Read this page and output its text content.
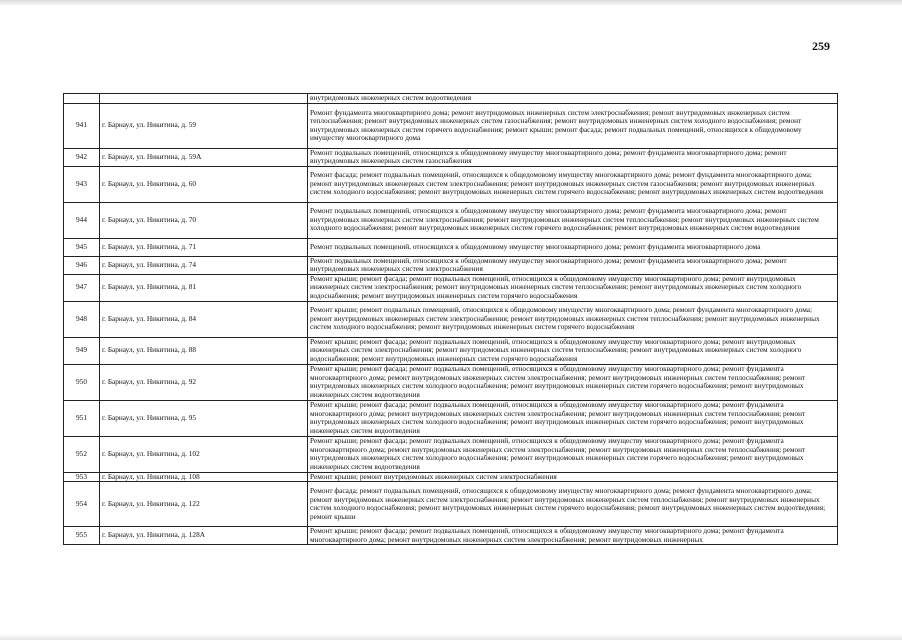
259
		внутридомовых инженерных систем водоотведения
941	г. Барнаул, ул. Никитина, д. 59	Ремонт фундамента многоквартирного дома; ремонт внутридомовых инженерных систем электроснабжения; ремонт внутридомовых инженерных систем теплоснабжения; ремонт внутридомовых инженерных систем газоснабжения; ремонт внутридомовых инженерных систем холодного водоснабжения; ремонт внутридомовых инженерных систем горячего водоснабжения; ремонт крыши; ремонт фасада; ремонт подвальных помещений, относящихся к общедомовому имуществу многоквартирного дома
942	г. Барнаул, ул. Никитина, д. 59А	Ремонт подвальных помещений, относящихся к общедомовому имуществу многоквартирного дома; ремонт фундамента многоквартирного дома; ремонт внутридомовых инженерных систем газоснабжения
943	г. Барнаул, ул. Никитина, д. 60	Ремонт фасада; ремонт подвальных помещений, относящихся к общедомовому имуществу многоквартирного дома; ремонт фундамента многоквартирного дома; ремонт внутридомовых инженерных систем электроснабжения; ремонт внутридомовых инженерных систем газоснабжения; ремонт внутридомовых инженерных систем холодного водоснабжения; ремонт внутридомовых инженерных систем горячего водоснабжения; ремонт внутридомовых инженерных систем водоотведения
944	г. Барнаул, ул. Никитина, д. 70	Ремонт подвальных помещений, относящихся к общедомовому имуществу многоквартирного дома; ремонт фундамента многоквартирного дома; ремонт внутридомовых инженерных систем электроснабжения; ремонт внутридомовых инженерных систем теплоснабжения; ремонт внутридомовых инженерных систем холодного водоснабжения; ремонт внутридомовых инженерных систем горячего водоснабжения; ремонт внутридомовых инженерных систем водоотведения
945	г. Барнаул, ул. Никитина, д. 71	Ремонт подвальных помещений, относящихся к общедомовому имуществу многоквартирного дома; ремонт фундамента многоквартирного дома
946	г. Барнаул, ул. Никитина, д. 74	Ремонт подвальных помещений, относящихся к общедомовому имуществу многоквартирного дома; ремонт фундамента многоквартирного дома; ремонт внутридомовых инженерных систем электроснабжения
947	г. Барнаул, ул. Никитина, д. 81	Ремонт крыши; ремонт фасада; ремонт подвальных помещений, относящихся к общедомовому имуществу многоквартирного дома; ремонт внутридомовых инженерных систем электроснабжения; ремонт внутридомовых инженерных систем теплоснабжения; ремонт внутридомовых инженерных систем холодного водоснабжения; ремонт внутридомовых инженерных систем горячего водоснабжения
948	г. Барнаул, ул. Никитина, д. 84	Ремонт крыши; ремонт подвальных помещений, относящихся к общедомовому имуществу многоквартирного дома; ремонт фундамента многоквартирного дома; ремонт внутридомовых инженерных систем электроснабжения; ремонт внутридомовых инженерных систем теплоснабжения; ремонт внутридомовых инженерных систем холодного водоснабжения; ремонт внутридомовых инженерных систем горячего водоснабжения
949	г. Барнаул, ул. Никитина, д. 88	Ремонт крыши; ремонт фасада; ремонт подвальных помещений, относящихся к общедомовому имуществу многоквартирного дома; ремонт внутридомовых инженерных систем электроснабжения; ремонт внутридомовых инженерных систем теплоснабжения; ремонт внутридомовых инженерных систем холодного водоснабжения; ремонт внутридомовых инженерных систем горячего водоснабжения
950	г. Барнаул, ул. Никитина, д. 92	Ремонт крыши; ремонт фасада; ремонт подвальных помещений, относящихся к общедомовому имуществу многоквартирного дома; ремонт фундамента многоквартирного дома; ремонт внутридомовых инженерных систем электроснабжения; ремонт внутридомовых инженерных систем теплоснабжения; ремонт внутридомовых инженерных систем холодного водоснабжения; ремонт внутридомовых инженерных систем горячего водоснабжения; ремонт внутридомовых инженерных систем водоотведения
951	г. Барнаул, ул. Никитина, д. 95	Ремонт крыши; ремонт фасада; ремонт подвальных помещений, относящихся к общедомовому имуществу многоквартирного дома; ремонт фундамента многоквартирного дома; ремонт внутридомовых инженерных систем электроснабжения; ремонт внутридомовых инженерных систем теплоснабжения; ремонт внутридомовых инженерных систем холодного водоснабжения; ремонт внутридомовых инженерных систем горячего водоснабжения; ремонт внутридомовых инженерных систем водоотведения
952	г. Барнаул, ул. Никитина, д. 102	Ремонт крыши; ремонт фасада; ремонт подвальных помещений, относящихся к общедомовому имуществу многоквартирного дома; ремонт фундамента многоквартирного дома; ремонт внутридомовых инженерных систем электроснабжения; ремонт внутридомовых инженерных систем теплоснабжения; ремонт внутридомовых инженерных систем холодного водоснабжения; ремонт внутридомовых инженерных систем горячего водоснабжения; ремонт внутридомовых инженерных систем водоотведения
953	г. Барнаул, ул. Никитина, д. 108	Ремонт крыши; ремонт внутридомовых инженерных систем электроснабжения
954	г. Барнаул, ул. Никитина, д. 122	Ремонт фасада; ремонт подвальных помещений, относящихся к общедомовому имуществу многоквартирного дома; ремонт фундамента многоквартирного дома; ремонт внутридомовых инженерных систем электроснабжения; ремонт внутридомовых инженерных систем теплоснабжения; ремонт внутридомовых инженерных систем холодного водоснабжения; ремонт внутридомовых инженерных систем горячего водоснабжения; ремонт внутридомовых инженерных систем водоотведения; ремонт крыши
955	г. Барнаул, ул. Никитина, д. 128А	Ремонт крыши; ремонт фасада; ремонт подвальных помещений, относящихся к общедомовому имуществу многоквартирного дома; ремонт фундамента многоквартирного дома; ремонт внутридомовых инженерных систем электроснабжения; ремонт внутридомовых инженерных
